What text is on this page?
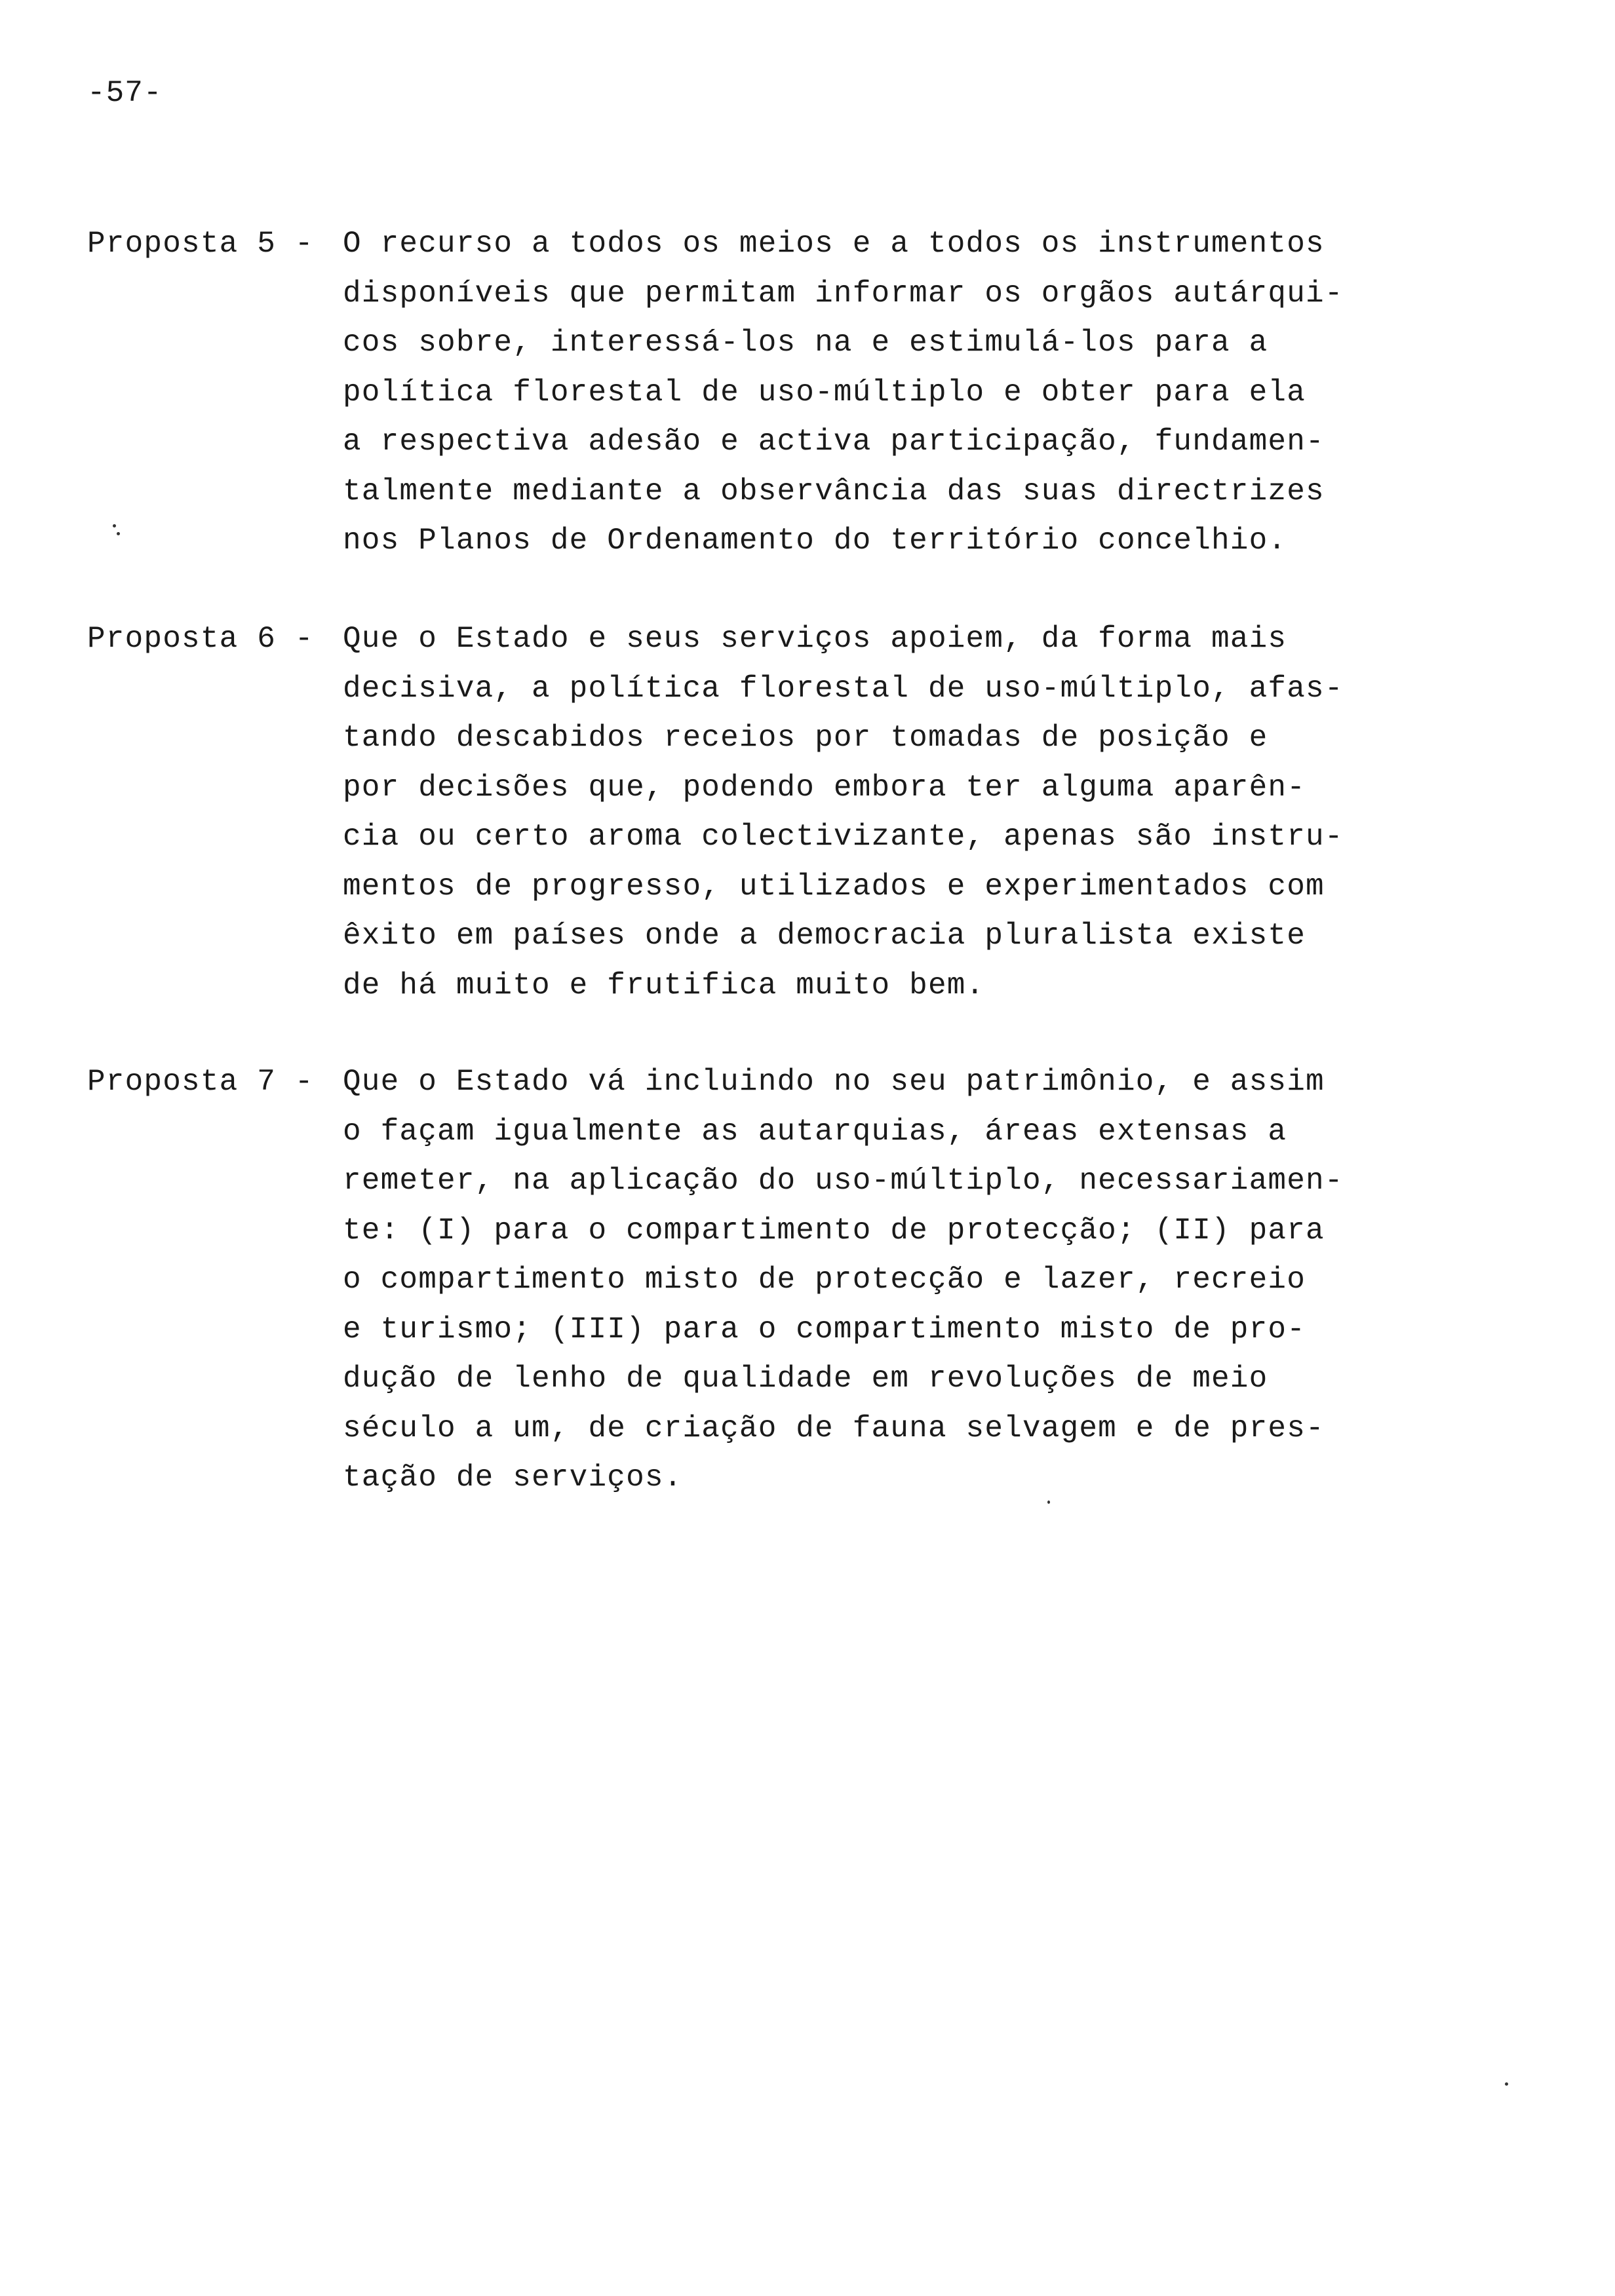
-57-
Proposta 5 - O recurso a todos os meios e a todos os instrumentos
disponíveis que permitam informar os orgãos autárqui-
cos sobre, interessá-los na e estimulá-los para a
política florestal de uso-múltiplo e obter para ela
a respectiva adesão e activa participação, fundamen-
talmente mediante a observância das suas directrizes
nos Planos de Ordenamento do território concelhio.
Proposta 6 - Que o Estado e seus serviços apoiem, da forma mais
decisiva, a política florestal de uso-múltiplo, afas-
tando descabidos receios por tomadas de posição e
por decisões que, podendo embora ter alguma aparên-
cia ou certo aroma colectivizante, apenas são instru-
mentos de progresso, utilizados e experimentados com
êxito em países onde a democracia pluralista existe
de há muito e frutifica muito bem.
Proposta 7 - Que o Estado vá incluindo no seu patrimônio, e assim
o façam igualmente as autarquias, áreas extensas a
remeter, na aplicação do uso-múltiplo, necessariamen-
te: (I) para o compartimento de protecção; (II) para
o compartimento misto de protecção e lazer, recreio
e turismo; (III) para o compartimento misto de pro-
dução de lenho de qualidade em revoluções de meio
século a um, de criação de fauna selvagem e de pres-
tação de serviços.
